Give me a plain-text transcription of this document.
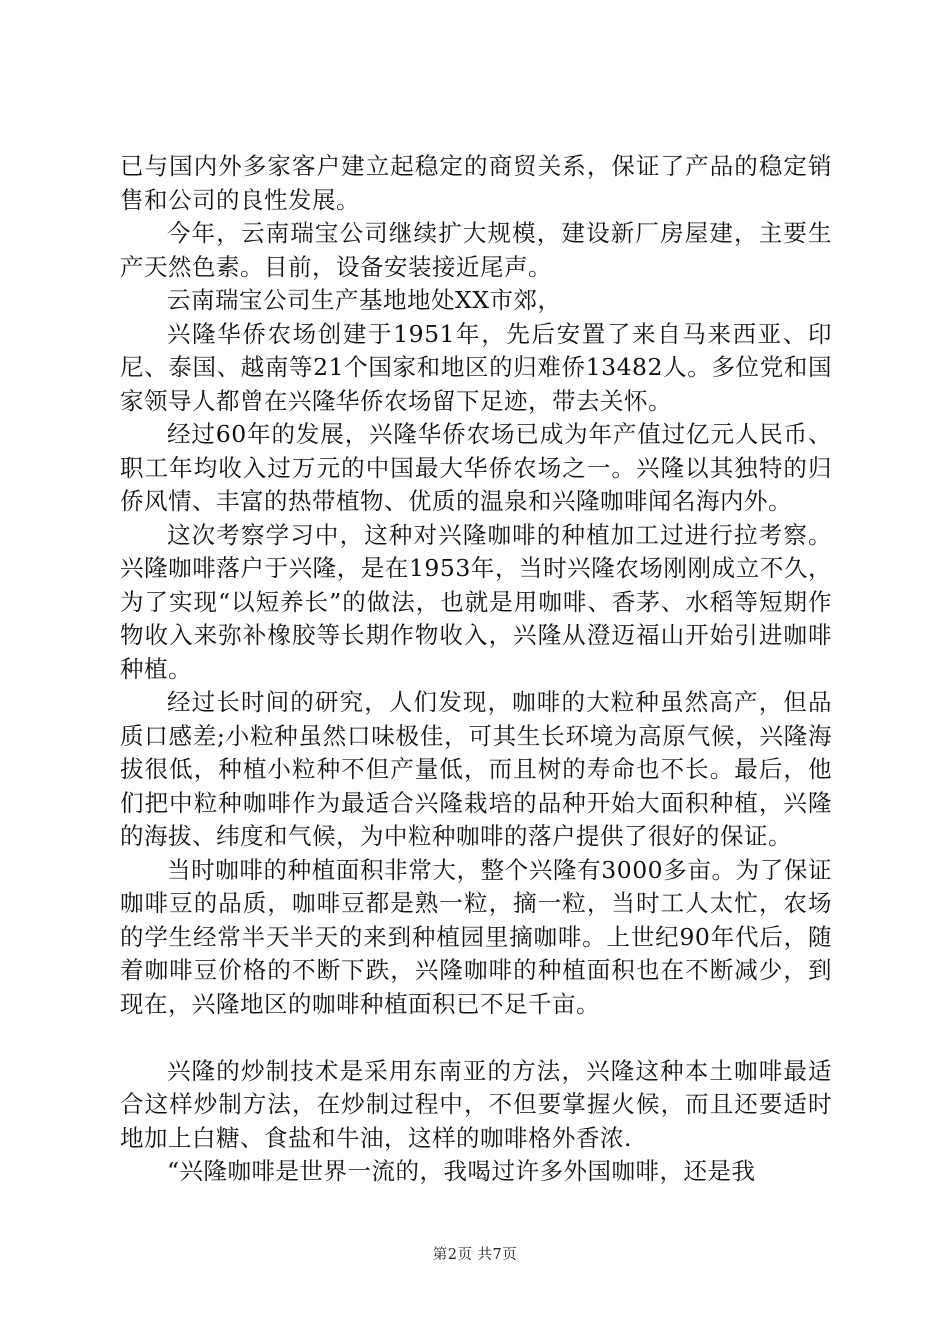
已与国内外多家客户建立起稳定的商贸关系，保证了产品的稳定销售和公司的良性发展。

今年，云南瑞宝公司继续扩大规模，建设新厂房屋建，主要生产天然色素。目前，设备安装接近尾声。

云南瑞宝公司生产基地地处XX市郊，

兴隆华侨农场创建于1951年，先后安置了来自马来西亚、印尼、泰国、越南等21个国家和地区的归难侨13482人。多位党和国家领导人都曾在兴隆华侨农场留下足迹，带去关怀。

经过60年的发展，兴隆华侨农场已成为年产值过亿元人民币、职工年均收入过万元的中国最大华侨农场之一。兴隆以其独特的归侨风情、丰富的热带植物、优质的温泉和兴隆咖啡闻名海内外。

这次考察学习中，这种对兴隆咖啡的种植加工过进行拉考察。兴隆咖啡落户于兴隆，是在1953年，当时兴隆农场刚刚成立不久，为了实现“以短养长”的做法，也就是用咖啡、香茅、水稻等短期作物收入来弥补橡胶等长期作物收入，兴隆从澄迈福山开始引进咖啡种植。

经过长时间的研究，人们发现，咖啡的大粒种虽然高产，但品质口感差;小粒种虽然口味极佳，可其生长环境为高原气候，兴隆海拔很低，种植小粒种不但产量低，而且树的寿命也不长。最后，他们把中粒种咖啡作为最适合兴隆栽培的品种开始大面积种植，兴隆的海拔、纬度和气候，为中粒种咖啡的落户提供了很好的保证。

当时咖啡的种植面积非常大，整个兴隆有3000多亩。为了保证咖啡豆的品质，咖啡豆都是熟一粒，摘一粒，当时工人太忙，农场的学生经常半天半天的来到种植园里摘咖啡。上世纪90年代后，随着咖啡豆价格的不断下跌，兴隆咖啡的种植面积也在不断减少，到现在，兴隆地区的咖啡种植面积已不足千亩。

兴隆的炒制技术是采用东南亚的方法，兴隆这种本土咖啡最适合这样炒制方法，在炒制过程中，不但要掌握火候，而且还要适时地加上白糖、食盐和牛油，这样的咖啡格外香浓.

“兴隆咖啡是世界一流的，我喝过许多外国咖啡，还是我

第2页 共7页
